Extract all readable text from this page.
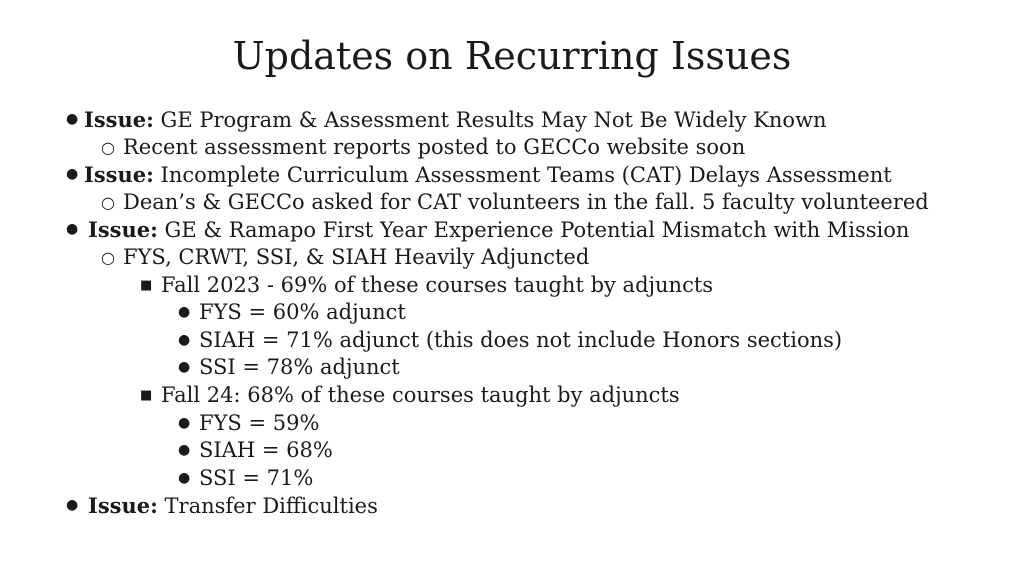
Updates on Recurring Issues
● Issue: GE Program & Assessment Results May Not Be Widely Known
○ Recent assessment reports posted to GECCo website soon
● Issue: Incomplete Curriculum Assessment Teams (CAT) Delays Assessment
○ Dean’s & GECCo asked for CAT volunteers in the fall. 5 faculty volunteered
● Issue: GE & Ramapo First Year Experience Potential Mismatch with Mission
○ FYS, CRWT, SSI, & SIAH Heavily Adjuncted
■ Fall 2023 - 69% of these courses taught by adjuncts
● FYS = 60% adjunct
● SIAH = 71% adjunct (this does not include Honors sections)
● SSI = 78% adjunct
■ Fall 24: 68% of these courses taught by adjuncts
● FYS = 59%
● SIAH = 68%
● SSI = 71%
● Issue: Transfer Difficulties
